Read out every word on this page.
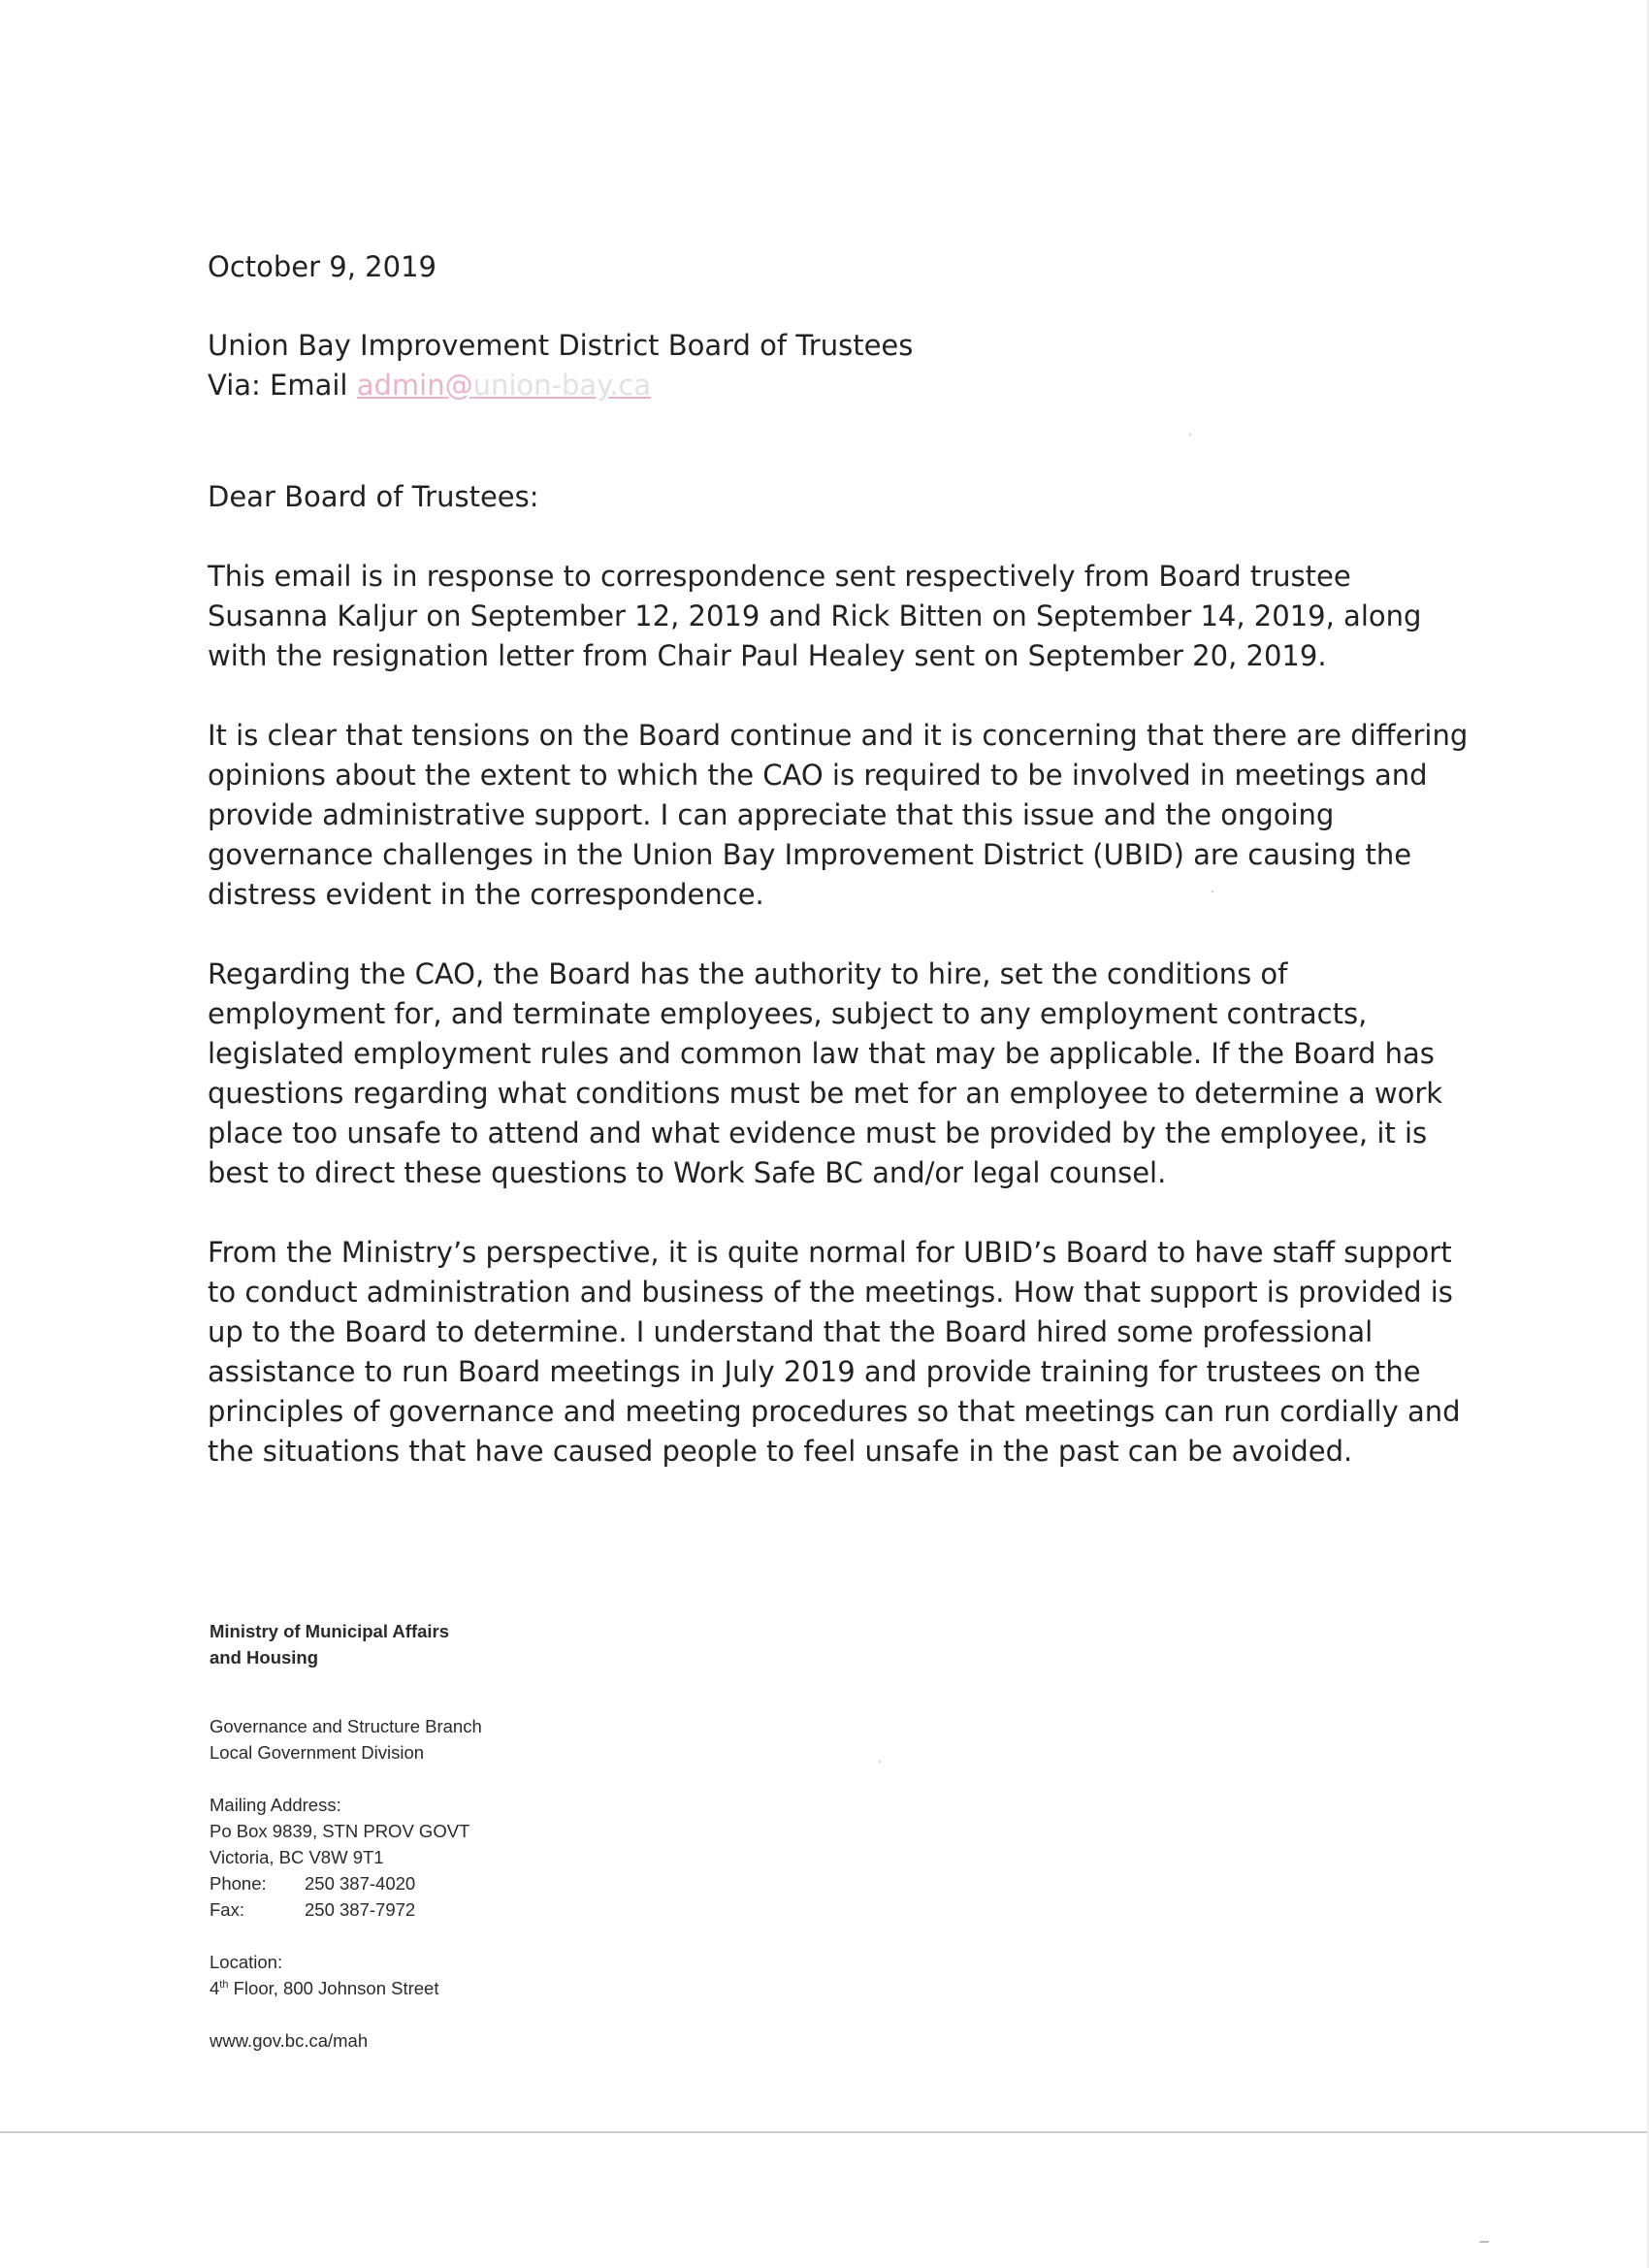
October 9, 2019

Union Bay Improvement District Board of Trustees
Via: Email admin@union-bay.ca

Dear Board of Trustees:

This email is in response to correspondence sent respectively from Board trustee Susanna Kaljur on September 12, 2019 and Rick Bitten on September 14, 2019, along with the resignation letter from Chair Paul Healey sent on September 20, 2019.

It is clear that tensions on the Board continue and it is concerning that there are differing opinions about the extent to which the CAO is required to be involved in meetings and provide administrative support. I can appreciate that this issue and the ongoing governance challenges in the Union Bay Improvement District (UBID) are causing the distress evident in the correspondence.

Regarding the CAO, the Board has the authority to hire, set the conditions of employment for, and terminate employees, subject to any employment contracts, legislated employment rules and common law that may be applicable. If the Board has questions regarding what conditions must be met for an employee to determine a work place too unsafe to attend and what evidence must be provided by the employee, it is best to direct these questions to Work Safe BC and/or legal counsel.

From the Ministry’s perspective, it is quite normal for UBID’s Board to have staff support to conduct administration and business of the meetings. How that support is provided is up to the Board to determine. I understand that the Board hired some professional assistance to run Board meetings in July 2019 and provide training for trustees on the principles of governance and meeting procedures so that meetings can run cordially and the situations that have caused people to feel unsafe in the past can be avoided.

Ministry of Municipal Affairs
and Housing
Governance and Structure Branch
Local Government Division
Mailing Address:
Po Box 9839, STN PROV GOVT
Victoria, BC V8W 9T1
Phone:	250 387-4020
Fax:	250 387-7972
Location:
4th Floor, 800 Johnson Street
www.gov.bc.ca/mah
